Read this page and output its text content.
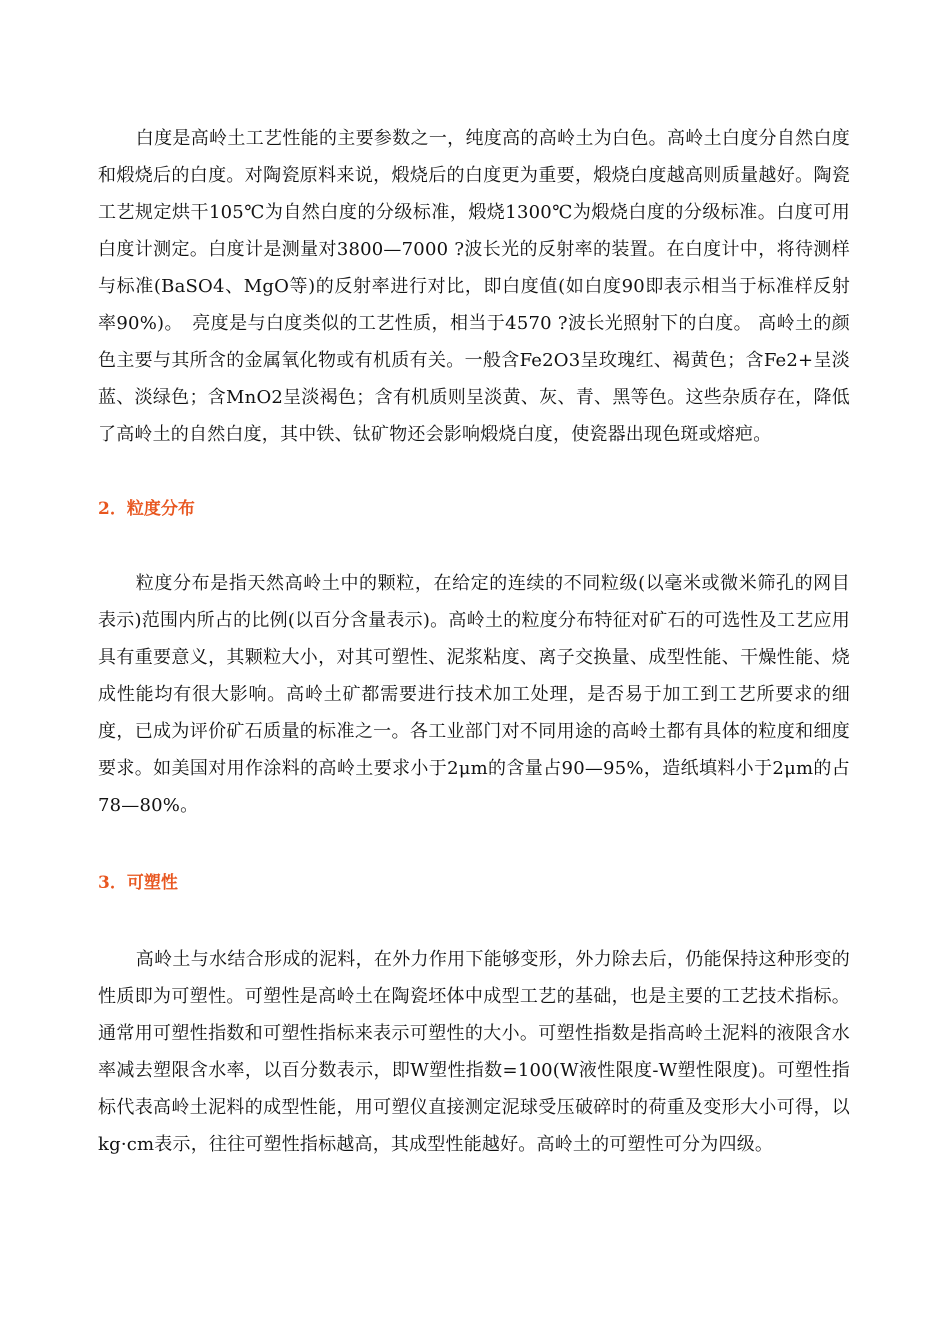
白度是高岭土工艺性能的主要参数之一，纯度高的高岭土为白色。高岭土白度分自然白度和煅烧后的白度。对陶瓷原料来说，煅烧后的白度更为重要，煅烧白度越高则质量越好。陶瓷工艺规定烘干105℃为自然白度的分级标准，煅烧1300℃为煅烧白度的分级标准。白度可用白度计测定。白度计是测量对3800—7000 ?波长光的反射率的装置。在白度计中，将待测样与标准(BaSO4、MgO等)的反射率进行对比，即白度值(如白度90即表示相当于标准样反射率90%)。　亮度是与白度类似的工艺性质，相当于4570 ?波长光照射下的白度。 高岭土的颜色主要与其所含的金属氧化物或有机质有关。一般含Fe2O3呈玫瑰红、褐黄色；含Fe2+呈淡蓝、淡绿色；含MnO2呈淡褐色；含有机质则呈淡黄、灰、青、黑等色。这些杂质存在，降低了高岭土的自然白度，其中铁、钛矿物还会影响煅烧白度，使瓷器出现色斑或熔疤。

2．粒度分布

粒度分布是指天然高岭土中的颗粒，在给定的连续的不同粒级(以毫米或微米筛孔的网目表示)范围内所占的比例(以百分含量表示)。高岭土的粒度分布特征对矿石的可选性及工艺应用具有重要意义，其颗粒大小，对其可塑性、泥浆粘度、离子交换量、成型性能、干燥性能、烧成性能均有很大影响。高岭土矿都需要进行技术加工处理，是否易于加工到工艺所要求的细度，已成为评价矿石质量的标准之一。各工业部门对不同用途的高岭土都有具体的粒度和细度要求。如美国对用作涂料的高岭土要求小于2μm的含量占90—95%，造纸填料小于2μm的占78—80%。

3．可塑性

高岭土与水结合形成的泥料，在外力作用下能够变形，外力除去后，仍能保持这种形变的性质即为可塑性。可塑性是高岭土在陶瓷坯体中成型工艺的基础，也是主要的工艺技术指标。通常用可塑性指数和可塑性指标来表示可塑性的大小。可塑性指数是指高岭土泥料的液限含水率减去塑限含水率，以百分数表示，即W塑性指数=100(W液性限度-W塑性限度)。可塑性指标代表高岭土泥料的成型性能，用可塑仪直接测定泥球受压破碎时的荷重及变形大小可得，以kg·cm表示，往往可塑性指标越高，其成型性能越好。高岭土的可塑性可分为四级。
